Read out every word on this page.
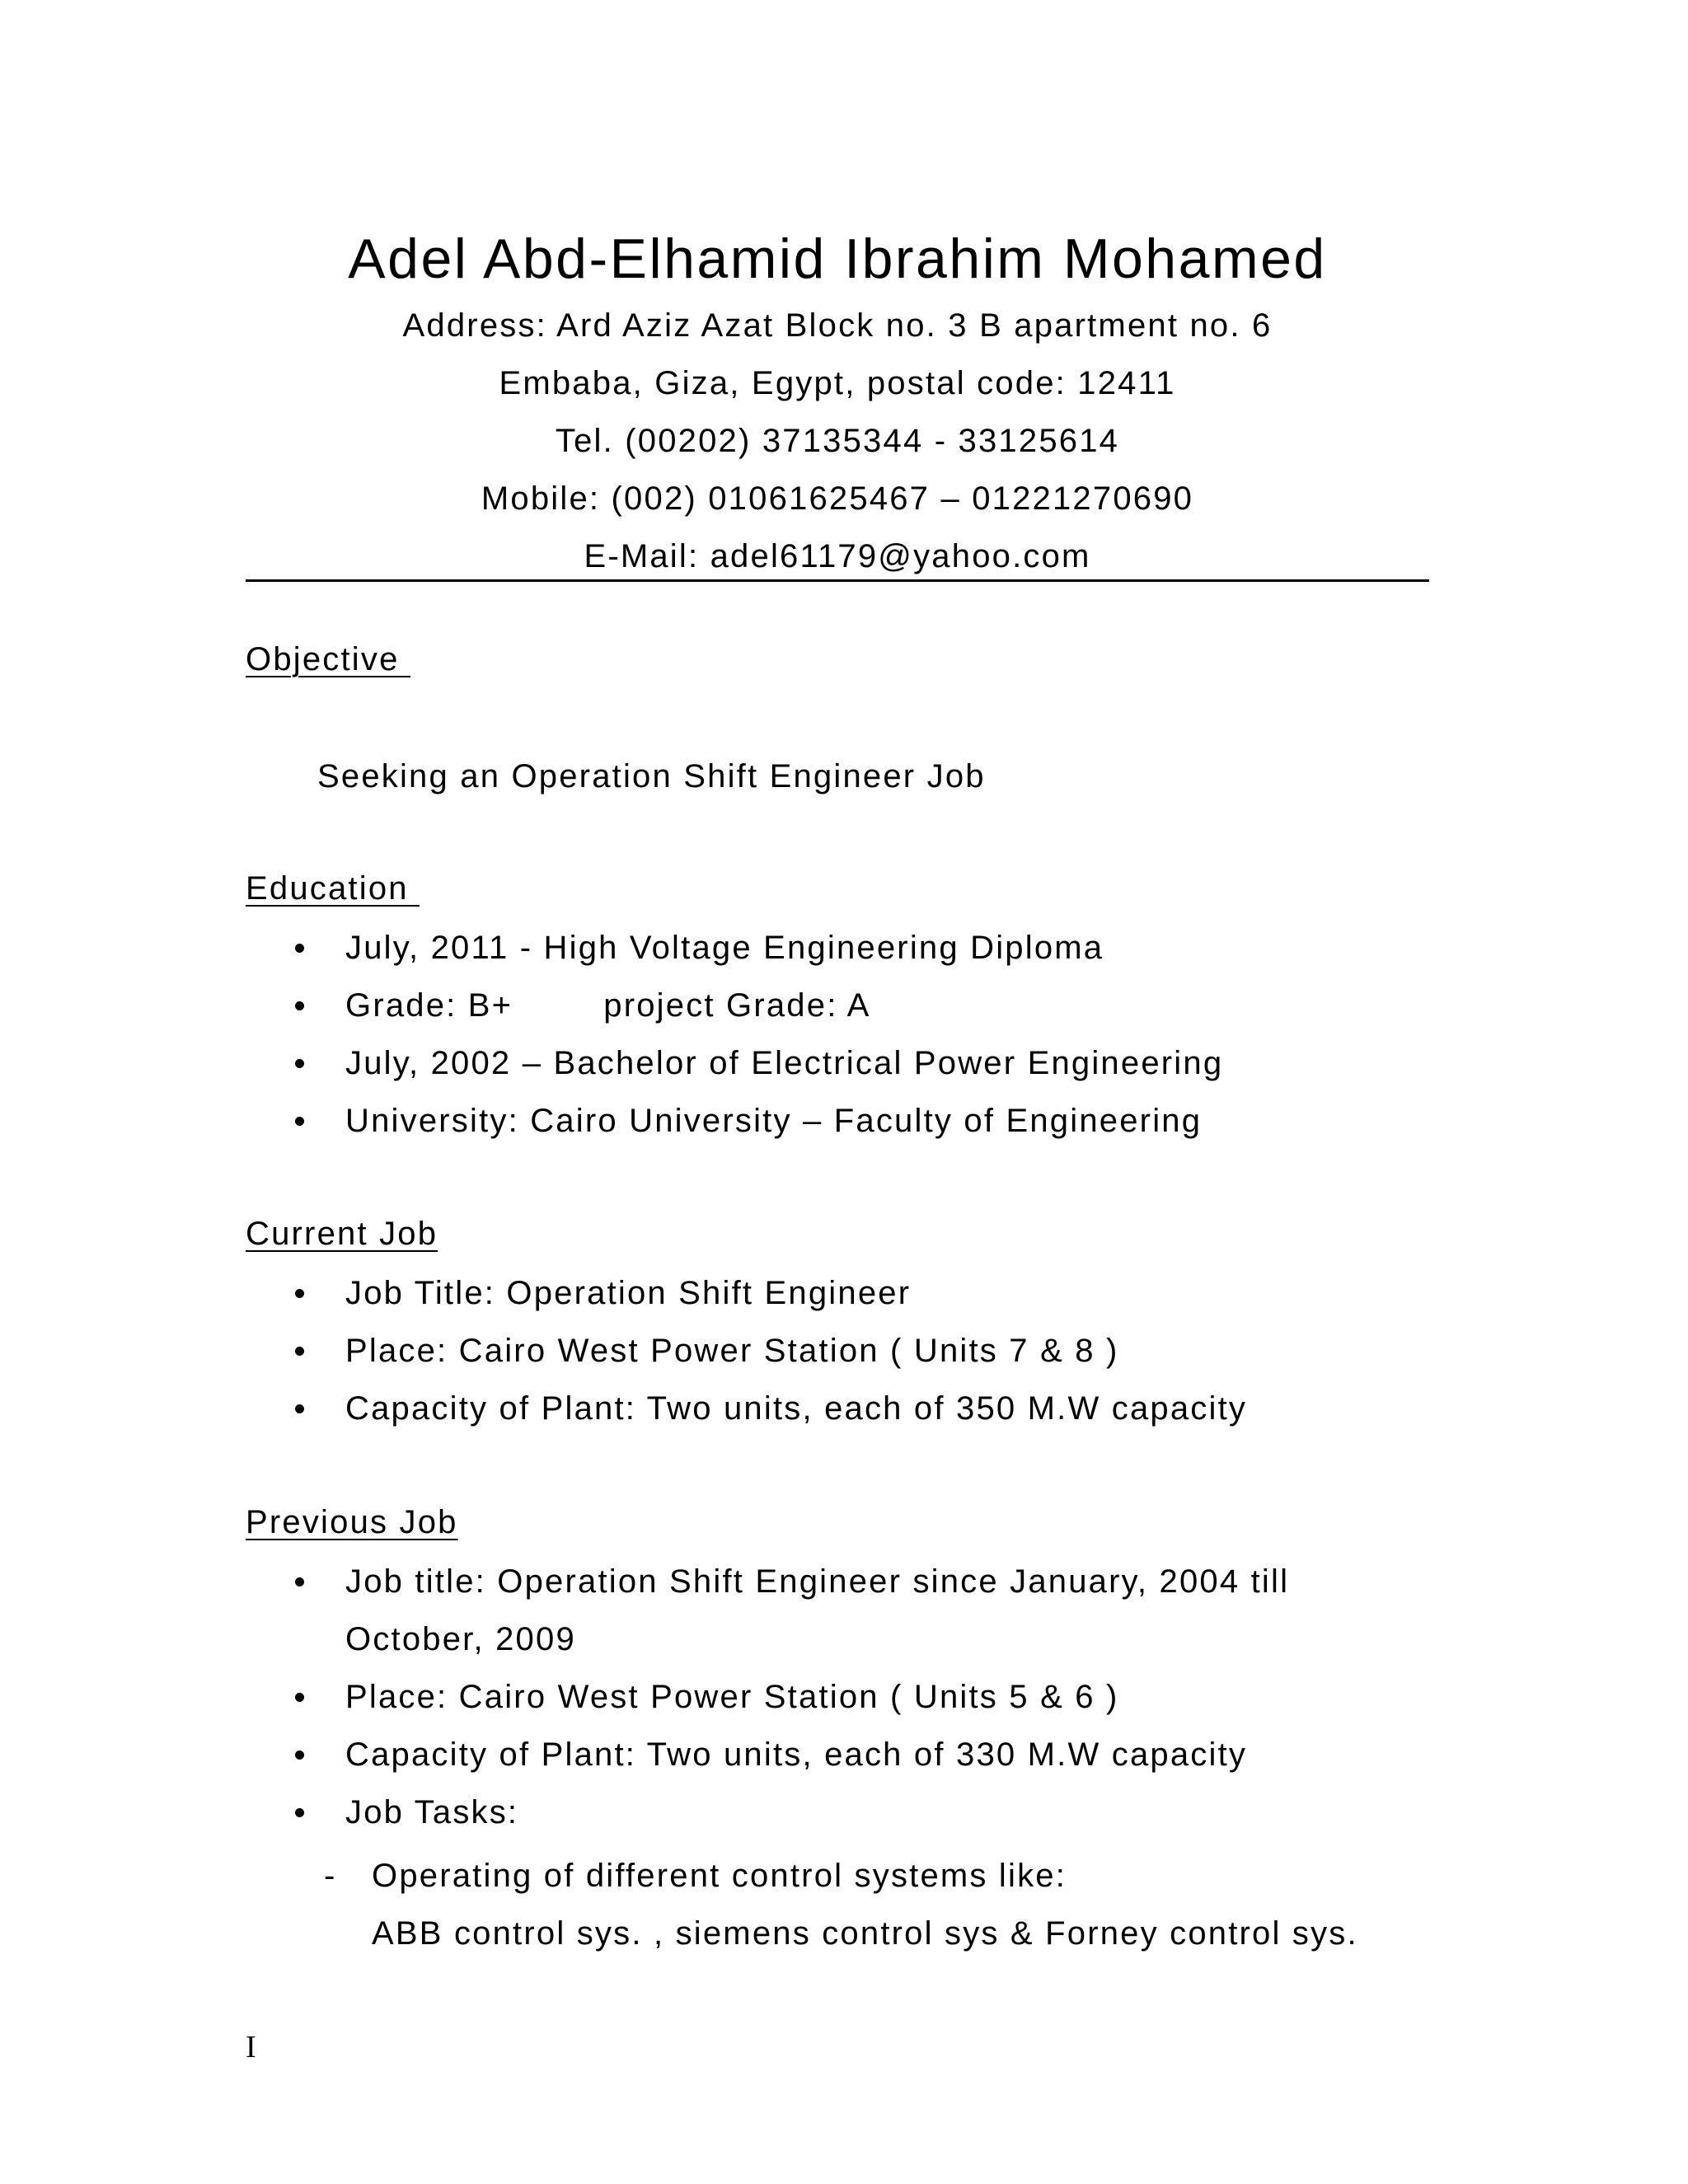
Adel Abd-Elhamid Ibrahim Mohamed

Address: Ard Aziz Azat Block no. 3 B apartment no. 6

Embaba, Giza, Egypt, postal code: 12411

Tel. (00202) 37135344 - 33125614

Mobile: (002) 01061625467 – 01221270690

E-Mail: adel61179@yahoo.com

Objective

Seeking an Operation Shift Engineer Job

Education

July, 2011 - High Voltage Engineering Diploma
Grade: B+	project Grade: A
July, 2002 – Bachelor of Electrical Power Engineering
University: Cairo University – Faculty of Engineering

Current Job

Job Title: Operation Shift Engineer
Place: Cairo West Power Station ( Units 7 & 8 )
Capacity of Plant: Two units, each of 350 M.W capacity

Previous Job

Job title: Operation Shift Engineer since January, 2004 till October, 2009
Place: Cairo West Power Station ( Units 5 & 6 )
Capacity of Plant: Two units, each of 330 M.W capacity
Job Tasks:
- Operating of different control systems like:
ABB control sys. , siemens control sys & Forney control sys.

I
